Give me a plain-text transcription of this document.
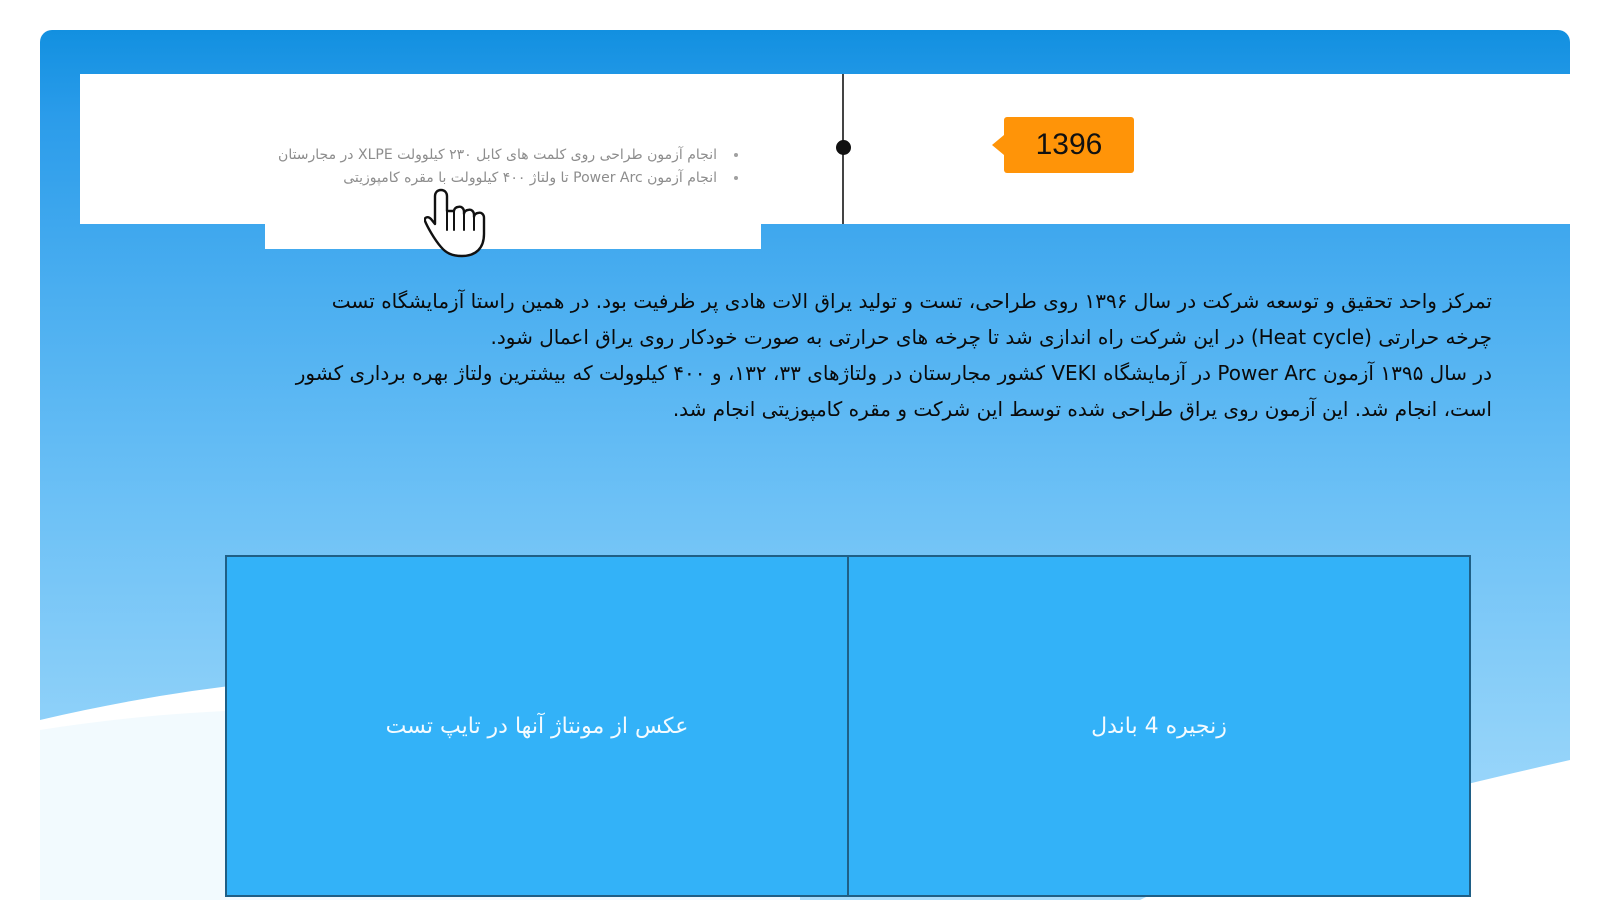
1396
• انجام آزمون طراحی روی کلمت های کابل ۲۳۰ کیلوولت XLPE در مجارستان
• انجام آزمون Power Arc تا ولتاژ ۴۰۰ کیلوولت با مقره کامپوزیتی

تمرکز واحد تحقیق و توسعه شرکت در سال ۱۳۹۶ روی طراحی، تست و تولید یراق الات هادی پر ظرفیت بود. در همین راستا آزمایشگاه تست چرخه حرارتی (Heat cycle) در این شرکت راه اندازی شد تا چرخه های حرارتی به صورت خودکار روی یراق اعمال شود.

در سال ۱۳۹۵ آزمون Power Arc در آزمایشگاه VEKI کشور مجارستان در ولتاژهای ۳۳، ۱۳۲، و ۴۰۰ کیلوولت که بیشترین ولتاژ بهره برداری کشور است، انجام شد. این آزمون روی یراق طراحی شده توسط این شرکت و مقره کامپوزیتی انجام شد.

زنجیره 4 باندل
عکس از مونتاژ آنها در تایپ تست
